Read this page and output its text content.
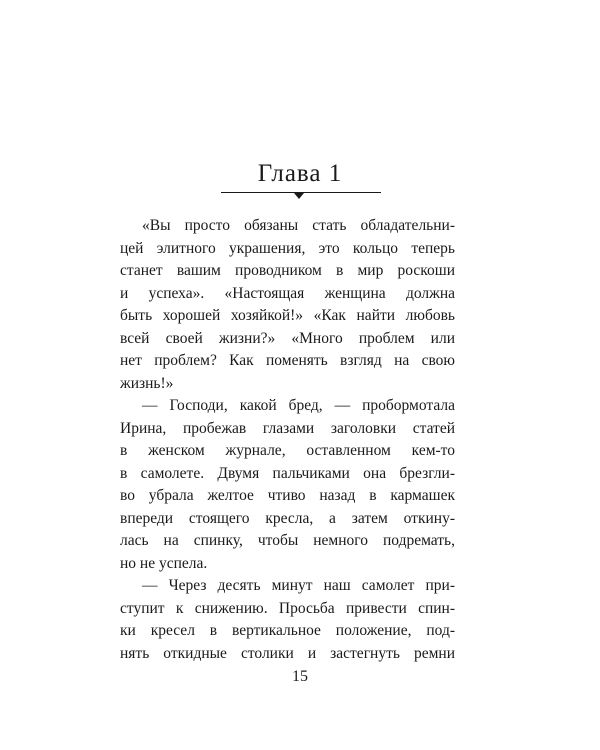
Глава 1
«Вы просто обязаны стать обладательни-
цей элитного украшения, это кольцо теперь
станет вашим проводником в мир роскоши
и успеха». «Настоящая женщина должна
быть хорошей хозяйкой!» «Как найти любовь
всей своей жизни?» «Много проблем или
нет проблем? Как поменять взгляд на свою
жизнь!»
— Господи, какой бред, — пробормотала
Ирина, пробежав глазами заголовки статей
в женском журнале, оставленном кем-то
в самолете. Двумя пальчиками она брезгли-
во убрала желтое чтиво назад в кармашек
впереди стоящего кресла, а затем откину-
лась на спинку, чтобы немного подремать,
но не успела.
— Через десять минут наш самолет при-
ступит к снижению. Просьба привести спин-
ки кресел в вертикальное положение, под-
нять откидные столики и застегнуть ремни
15
